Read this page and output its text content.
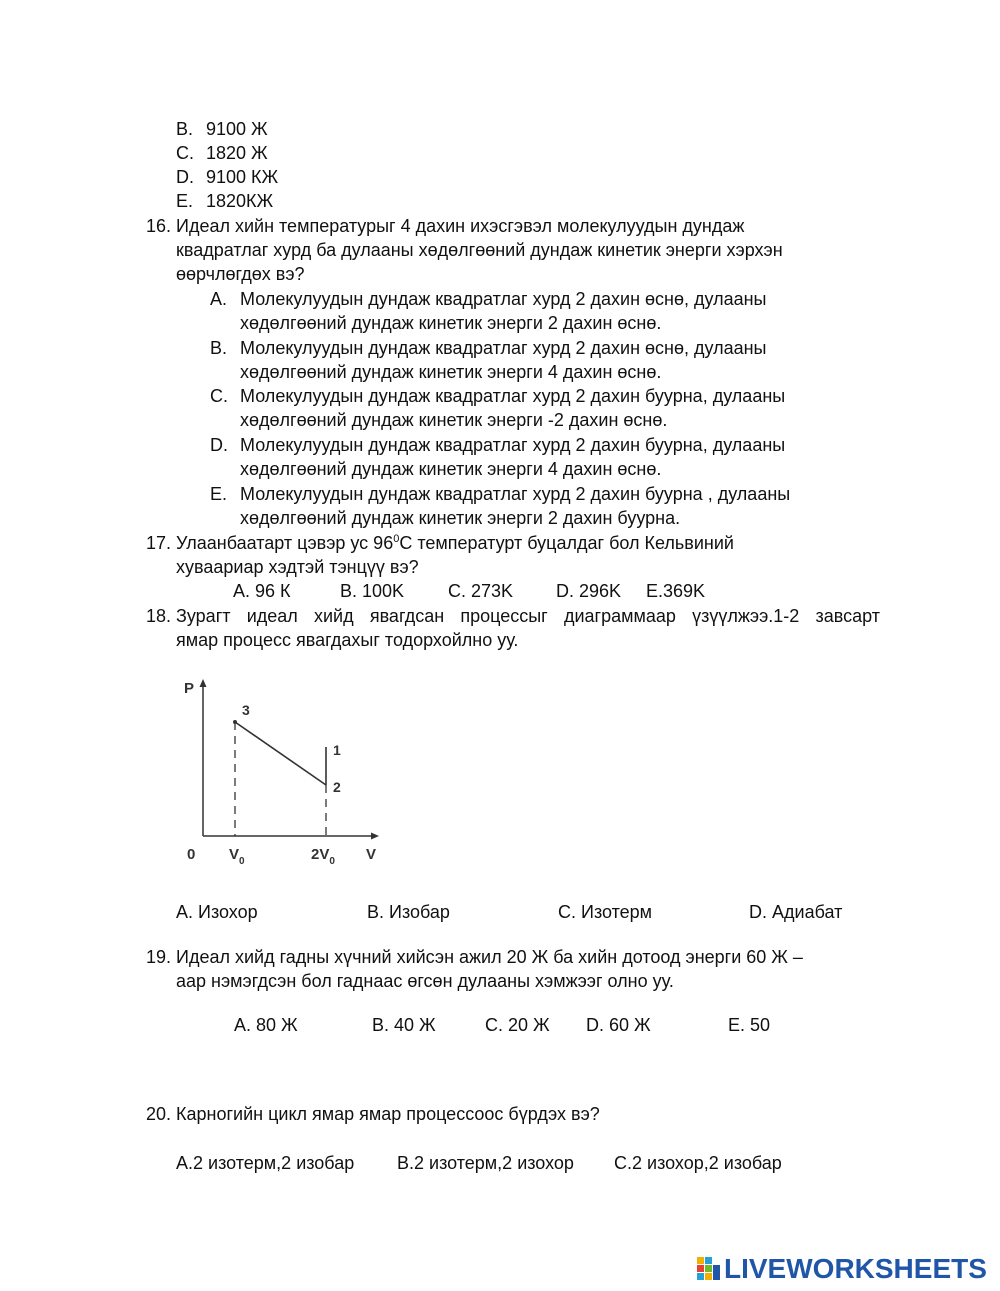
B. 9100 Ж
C. 1820 Ж
D. 9100 КЖ
E. 1820КЖ
16. Идеал хийн температурыг 4 дахин ихэсгэвэл молекулуудын дундаж
квадратлаг хурд ба дулааны хөдөлгөөний дундаж кинетик энерги хэрхэн
өөрчлөгдөх вэ?
A. Молекулуудын дундаж квадратлаг хурд 2 дахин өснө, дулааны
хөдөлгөөний дундаж кинетик энерги 2 дахин өснө.
B. Молекулуудын дундаж квадратлаг хурд 2 дахин өснө, дулааны
хөдөлгөөний дундаж кинетик энерги 4 дахин өснө.
C. Молекулуудын дундаж квадратлаг хурд 2 дахин буурна, дулааны
хөдөлгөөний дундаж кинетик энерги -2 дахин өснө.
D. Молекулуудын дундаж квадратлаг хурд 2 дахин буурна, дулааны
хөдөлгөөний дундаж кинетик энерги 4 дахин өснө.
E. Молекулуудын дундаж квадратлаг хурд 2 дахин буурна , дулааны
хөдөлгөөний дундаж кинетик энерги 2 дахин буурна.
17. Улаанбаатарт цэвэр ус $96^0С$ температурт буцалдаг бол Кельвиний
хуваариар хэдтэй тэнцүү вэ?
A. 96 К	B. 100K C. 273K D. 296K E.369K
18. Зурагт идеал хийд явагдсан процессыг диаграммаар үзүүлжээ.1-2 завсарт
ямар процесс явагдахыг тодорхойлно уу.
P
V
0
3
1
2
$V_0$	$2V_0$
A. Изохор	B. Изобар	C. Изотерм	D. Адиабат
19. Идеал хийд гадны хүчний хийсэн ажил 20 Ж ба хийн дотоод энерги 60 Ж –
аар нэмэгдсэн бол гаднаас өгсөн дулааны хэмжээг олно уу.
A. 80 Ж	B. 40 Ж	C. 20 Ж D. 60 Ж	E. 50
20. Карногийн цикл ямар ямар процессоос бүрдэх вэ?
A.2 изотерм,2 изобар B.2 изотерм,2 изохор C.2 изохор,2 изобар
LIVEWORKSHEETS
